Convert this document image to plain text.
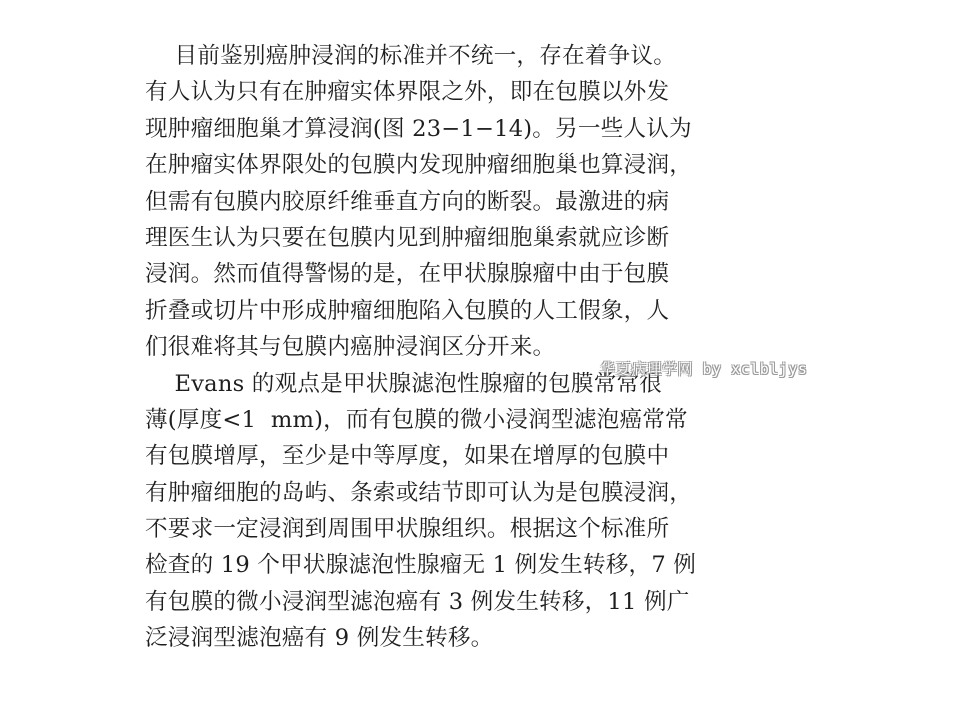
目前鉴别癌肿浸润的标准并不统一，存在着争议。
有人认为只有在肿瘤实体界限之外，即在包膜以外发
现肿瘤细胞巢才算浸润(图 23−1−14)。另一些人认为
在肿瘤实体界限处的包膜内发现肿瘤细胞巢也算浸润，
但需有包膜内胶原纤维垂直方向的断裂。最激进的病
理医生认为只要在包膜内见到肿瘤细胞巢索就应诊断
浸润。然而值得警惕的是，在甲状腺腺瘤中由于包膜
折叠或切片中形成肿瘤细胞陷入包膜的人工假象，人
们很难将其与包膜内癌肿浸润区分开来。
Evans 的观点是甲状腺滤泡性腺瘤的包膜常常很
薄(厚度<1  mm)，而有包膜的微小浸润型滤泡癌常常
有包膜增厚，至少是中等厚度，如果在增厚的包膜中
有肿瘤细胞的岛屿、条索或结节即可认为是包膜浸润，
不要求一定浸润到周围甲状腺组织。根据这个标准所
检查的 19 个甲状腺滤泡性腺瘤无 1 例发生转移，7 例
有包膜的微小浸润型滤泡癌有 3 例发生转移，11 例广
泛浸润型滤泡癌有 9 例发生转移。
华夏病理学网 by xclbljys
